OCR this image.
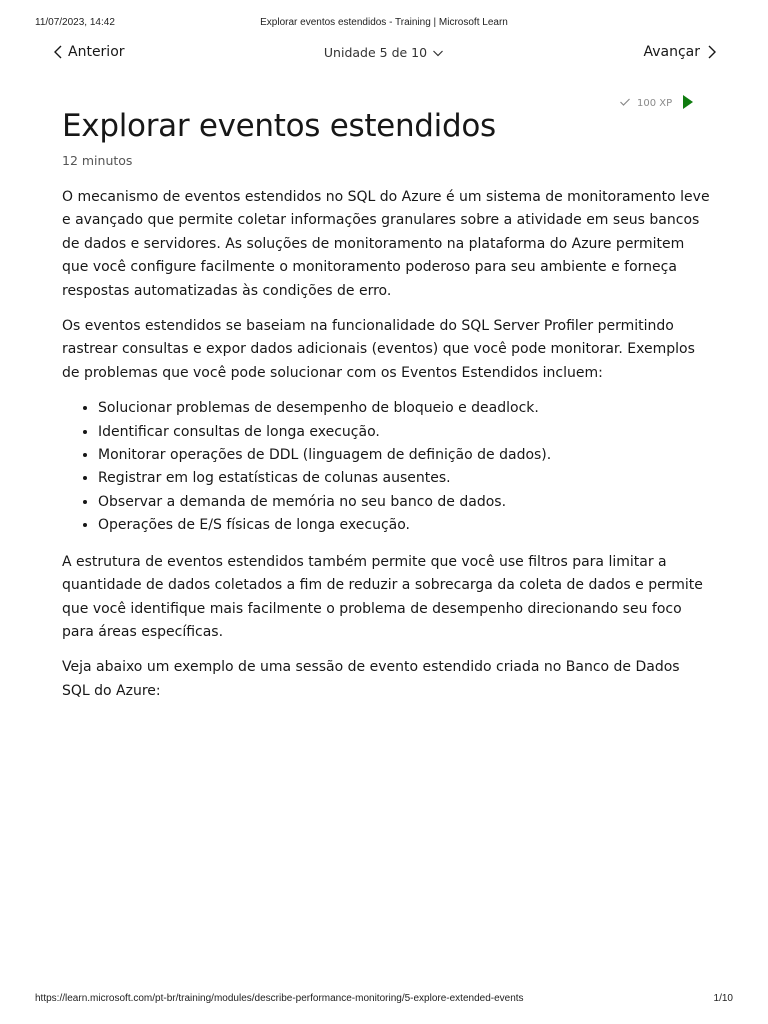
11/07/2023, 14:42	Explorar eventos estendidos - Training | Microsoft Learn
Anterior	Unidade 5 de 10	Avançar
100 XP
Explorar eventos estendidos
12 minutos

O mecanismo de eventos estendidos no SQL do Azure é um sistema de monitoramento leve e avançado que permite coletar informações granulares sobre a atividade em seus bancos de dados e servidores. As soluções de monitoramento na plataforma do Azure permitem que você configure facilmente o monitoramento poderoso para seu ambiente e forneça respostas automatizadas às condições de erro.

Os eventos estendidos se baseiam na funcionalidade do SQL Server Profiler permitindo rastrear consultas e expor dados adicionais (eventos) que você pode monitorar. Exemplos de problemas que você pode solucionar com os Eventos Estendidos incluem:

• Solucionar problemas de desempenho de bloqueio e deadlock.
• Identificar consultas de longa execução.
• Monitorar operações de DDL (linguagem de definição de dados).
• Registrar em log estatísticas de colunas ausentes.
• Observar a demanda de memória no seu banco de dados.
• Operações de E/S físicas de longa execução.

A estrutura de eventos estendidos também permite que você use filtros para limitar a quantidade de dados coletados a fim de reduzir a sobrecarga da coleta de dados e permite que você identifique mais facilmente o problema de desempenho direcionando seu foco para áreas específicas.

Veja abaixo um exemplo de uma sessão de evento estendido criada no Banco de Dados SQL do Azure:

https://learn.microsoft.com/pt-br/training/modules/describe-performance-monitoring/5-explore-extended-events	1/10
